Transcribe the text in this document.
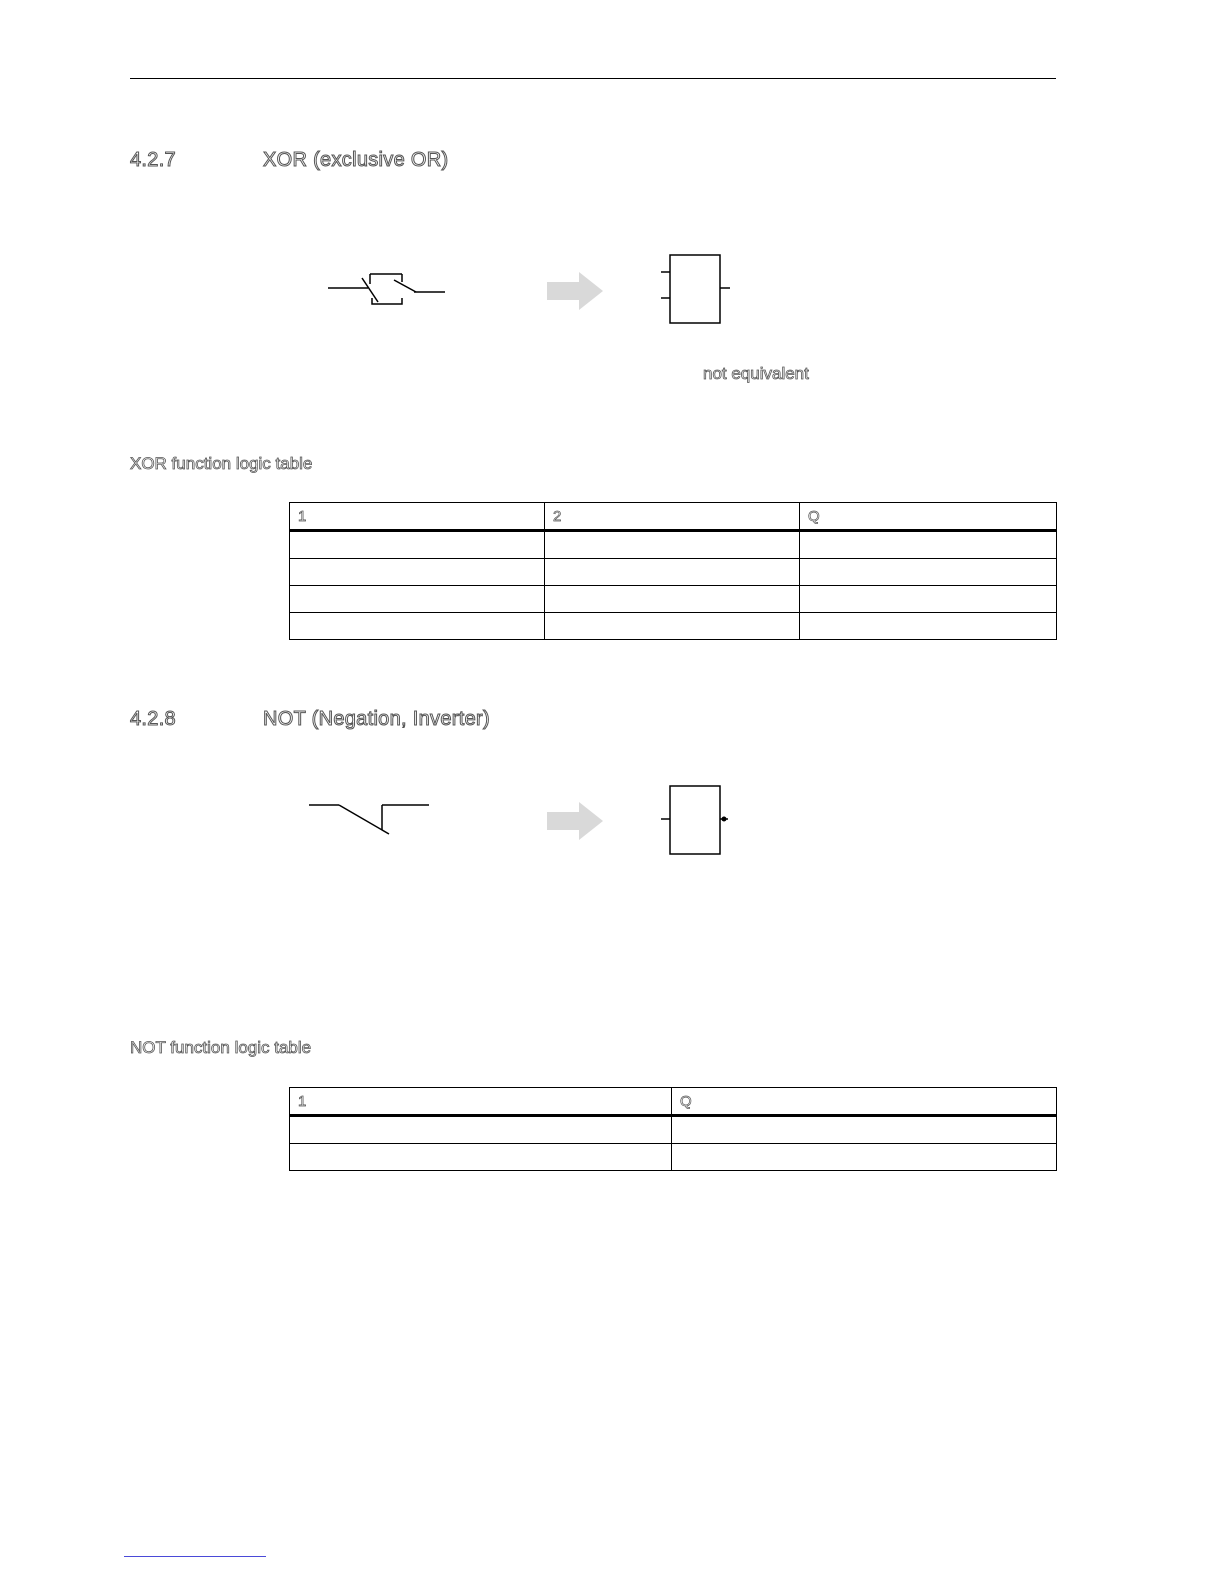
4.2.7	XOR (exclusive OR)
not equivalent
XOR function logic table
1	2	Q

4.2.8	NOT (Negation, Inverter)
NOT function logic table
1	Q
